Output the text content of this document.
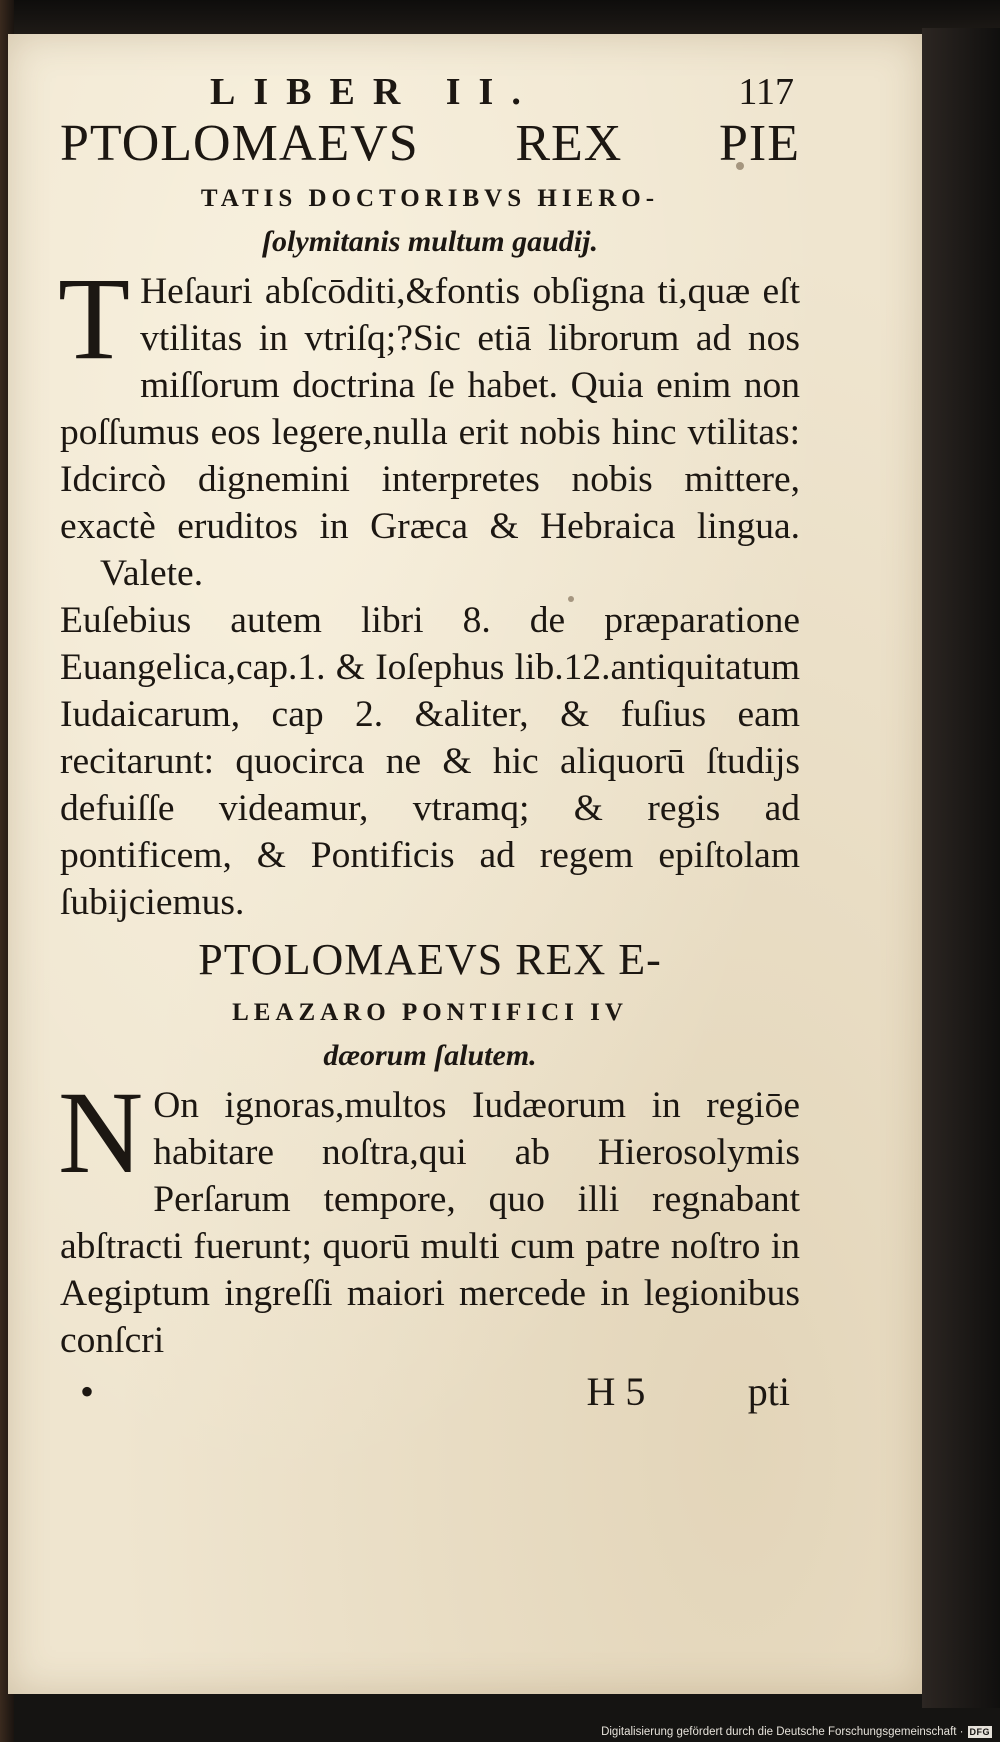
LIBER II.	117

PTOLOMAEVS REX PIE

TATIS DOCTORIBVS HIERO-

ſolymitanis multum gaudij.

T Heſauri abſcōditi,&fontis obſigna ti,quæ eſt vtilitas in vtriſq;?Sic etiā librorum ad nos miſſorum doctrina ſe habet. Quia enim non poſſumus eos legere,nulla erit nobis hinc vtilitas: Idcircò dignemini interpretes nobis mittere, exactè eruditos in Græca & Hebraica lingua. Valete.

Euſebius autem libri 8. de præparatione Euangelica,cap.1. & Ioſephus lib.12.antiquitatum Iudaicarum, cap 2. &aliter, & fuſius eam recitarunt: quocirca ne & hic aliquorū ſtudijs defuiſſe videamur, vtramq; & regis ad pontificem, & Pontificis ad regem epiſtolam ſubijciemus.

PTOLOMAEVS REX E-

LEAZARO PONTIFICI IV

dæorum ſalutem.

N On ignoras,multos Iudæorum in regiōe habitare noſtra,qui ab Hierosolymis Perſarum tempore, quo illi regnabant abſtracti fuerunt; quorū multi cum patre noſtro in Aegiptum ingreſſi maiori mercede in legionibus conſcri

•	H 5	pti
Digitalisierung gefördert durch die Deutsche Forschungsgemeinschaft · DFG
